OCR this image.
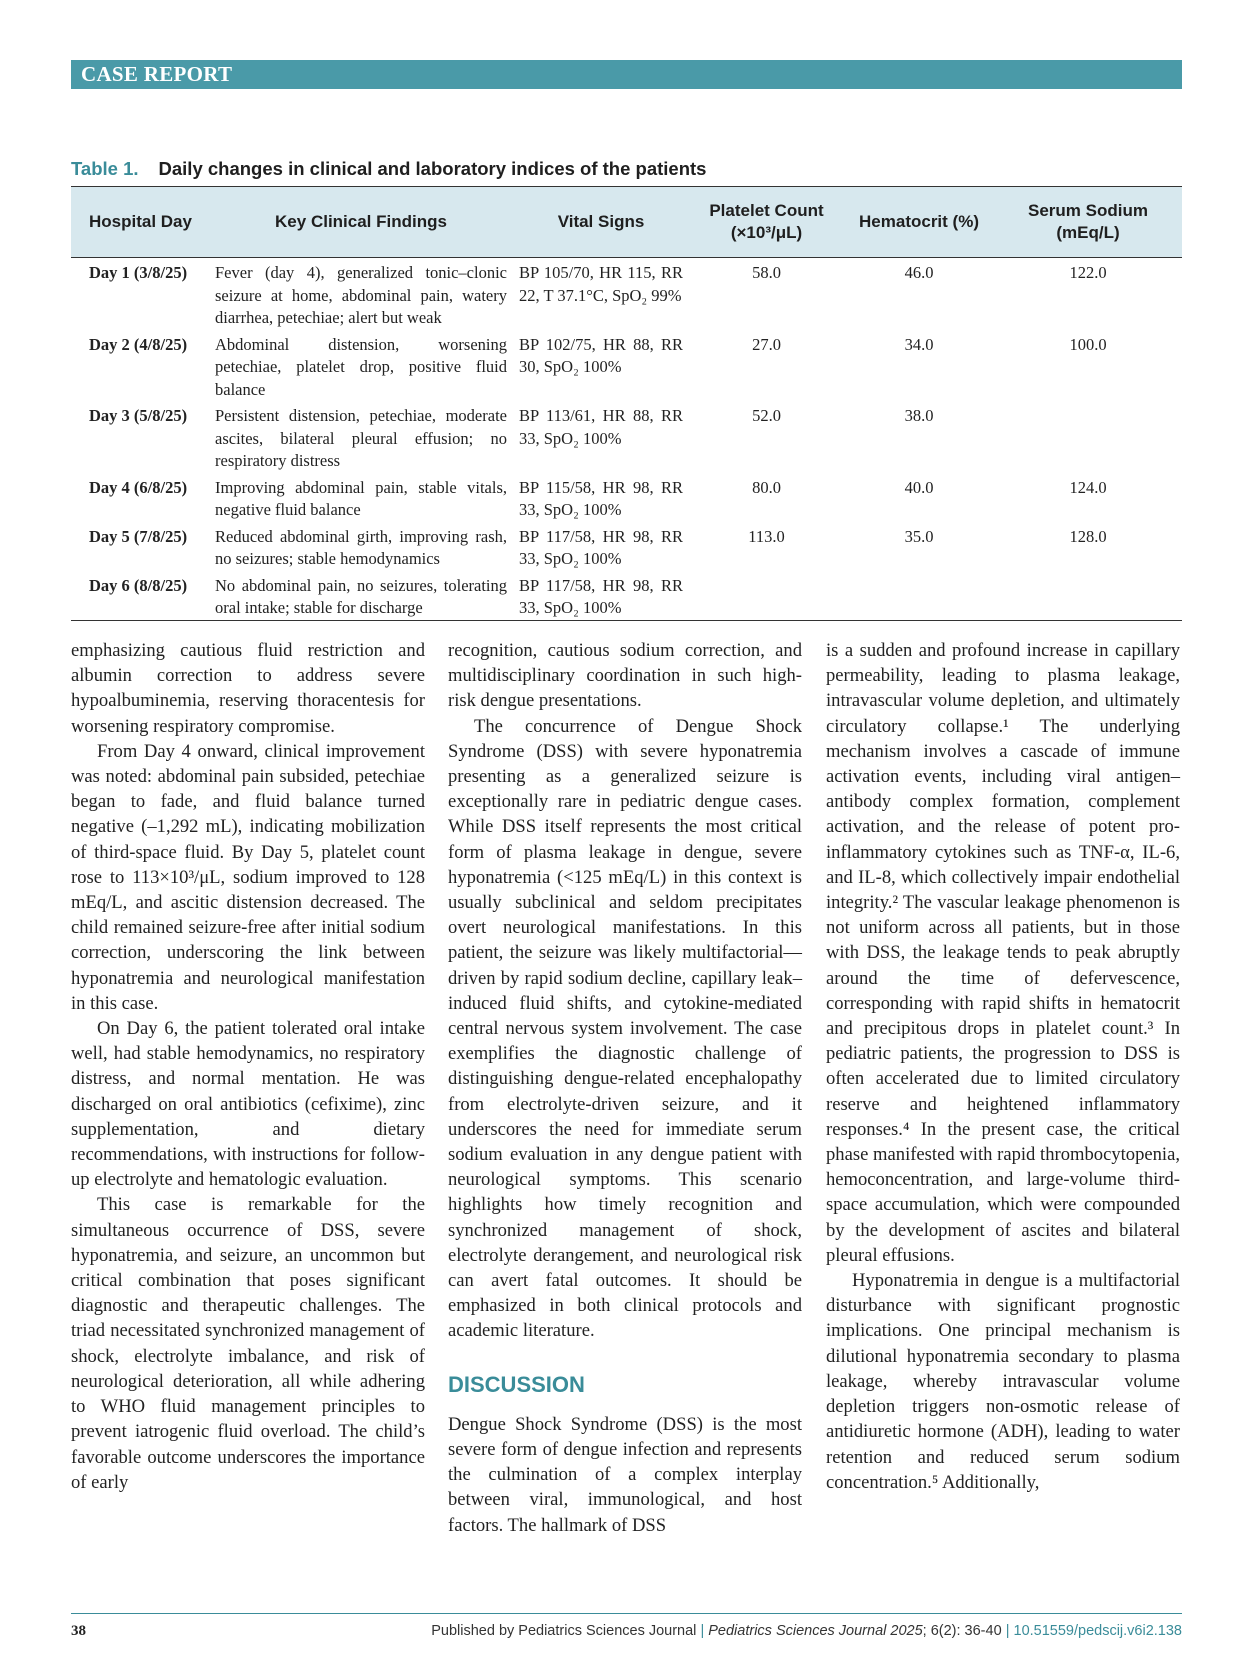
CASE REPORT
Table 1. Daily changes in clinical and laboratory indices of the patients
Hospital Day	Key Clinical Findings	Vital Signs	Platelet Count (×10³/μL)	Hematocrit (%)	Serum Sodium (mEq/L)
Day 1 (3/8/25)	Fever (day 4), generalized tonic–clonic seizure at home, abdominal pain, watery diarrhea, petechiae; alert but weak	BP 105/70, HR 115, RR 22, T 37.1°C, SpO₂ 99%	58.0	46.0	122.0
Day 2 (4/8/25)	Abdominal distension, worsening petechiae, platelet drop, positive fluid balance	BP 102/75, HR 88, RR 30, SpO₂ 100%	27.0	34.0	100.0
Day 3 (5/8/25)	Persistent distension, petechiae, moderate ascites, bilateral pleural effusion; no respiratory distress	BP 113/61, HR 88, RR 33, SpO₂ 100%	52.0	38.0	
Day 4 (6/8/25)	Improving abdominal pain, stable vitals, negative fluid balance	BP 115/58, HR 98, RR 33, SpO₂ 100%	80.0	40.0	124.0
Day 5 (7/8/25)	Reduced abdominal girth, improving rash, no seizures; stable hemodynamics	BP 117/58, HR 98, RR 33, SpO₂ 100%	113.0	35.0	128.0
Day 6 (8/8/25)	No abdominal pain, no seizures, tolerating oral intake; stable for discharge	BP 117/58, HR 98, RR 33, SpO₂ 100%			

emphasizing cautious fluid restriction and albumin correction to address severe hypoalbuminemia, reserving thoracentesis for worsening respiratory compromise.

From Day 4 onward, clinical improvement was noted: abdominal pain subsided, petechiae began to fade, and fluid balance turned negative (–1,292 mL), indicating mobilization of third-space fluid. By Day 5, platelet count rose to 113×10³/μL, sodium improved to 128 mEq/L, and ascitic distension decreased. The child remained seizure-free after initial sodium correction, underscoring the link between hyponatremia and neurological manifestation in this case.

On Day 6, the patient tolerated oral intake well, had stable hemodynamics, no respiratory distress, and normal mentation. He was discharged on oral antibiotics (cefixime), zinc supplementation, and dietary recommendations, with instructions for follow-up electrolyte and hematologic evaluation.

This case is remarkable for the simultaneous occurrence of DSS, severe hyponatremia, and seizure, an uncommon but critical combination that poses significant diagnostic and therapeutic challenges. The triad necessitated synchronized management of shock, electrolyte imbalance, and risk of neurological deterioration, all while adhering to WHO fluid management principles to prevent iatrogenic fluid overload. The child’s favorable outcome underscores the importance of early

recognition, cautious sodium correction, and multidisciplinary coordination in such high-risk dengue presentations.

The concurrence of Dengue Shock Syndrome (DSS) with severe hyponatremia presenting as a generalized seizure is exceptionally rare in pediatric dengue cases. While DSS itself represents the most critical form of plasma leakage in dengue, severe hyponatremia (<125 mEq/L) in this context is usually subclinical and seldom precipitates overt neurological manifestations. In this patient, the seizure was likely multifactorial—driven by rapid sodium decline, capillary leak–induced fluid shifts, and cytokine-mediated central nervous system involvement. The case exemplifies the diagnostic challenge of distinguishing dengue-related encephalopathy from electrolyte-driven seizure, and it underscores the need for immediate serum sodium evaluation in any dengue patient with neurological symptoms. This scenario highlights how timely recognition and synchronized management of shock, electrolyte derangement, and neurological risk can avert fatal outcomes. It should be emphasized in both clinical protocols and academic literature.

DISCUSSION

Dengue Shock Syndrome (DSS) is the most severe form of dengue infection and represents the culmination of a complex interplay between viral, immunological, and host factors. The hallmark of DSS

is a sudden and profound increase in capillary permeability, leading to plasma leakage, intravascular volume depletion, and ultimately circulatory collapse.¹ The underlying mechanism involves a cascade of immune activation events, including viral antigen–antibody complex formation, complement activation, and the release of potent pro-inflammatory cytokines such as TNF-α, IL-6, and IL-8, which collectively impair endothelial integrity.² The vascular leakage phenomenon is not uniform across all patients, but in those with DSS, the leakage tends to peak abruptly around the time of defervescence, corresponding with rapid shifts in hematocrit and precipitous drops in platelet count.³ In pediatric patients, the progression to DSS is often accelerated due to limited circulatory reserve and heightened inflammatory responses.⁴ In the present case, the critical phase manifested with rapid thrombocytopenia, hemoconcentration, and large-volume third-space accumulation, which were compounded by the development of ascites and bilateral pleural effusions.

Hyponatremia in dengue is a multifactorial disturbance with significant prognostic implications. One principal mechanism is dilutional hyponatremia secondary to plasma leakage, whereby intravascular volume depletion triggers non-osmotic release of antidiuretic hormone (ADH), leading to water retention and reduced serum sodium concentration.⁵ Additionally,

38	Published by Pediatrics Sciences Journal | Pediatrics Sciences Journal 2025; 6(2): 36-40 | 10.51559/pedscij.v6i2.138
